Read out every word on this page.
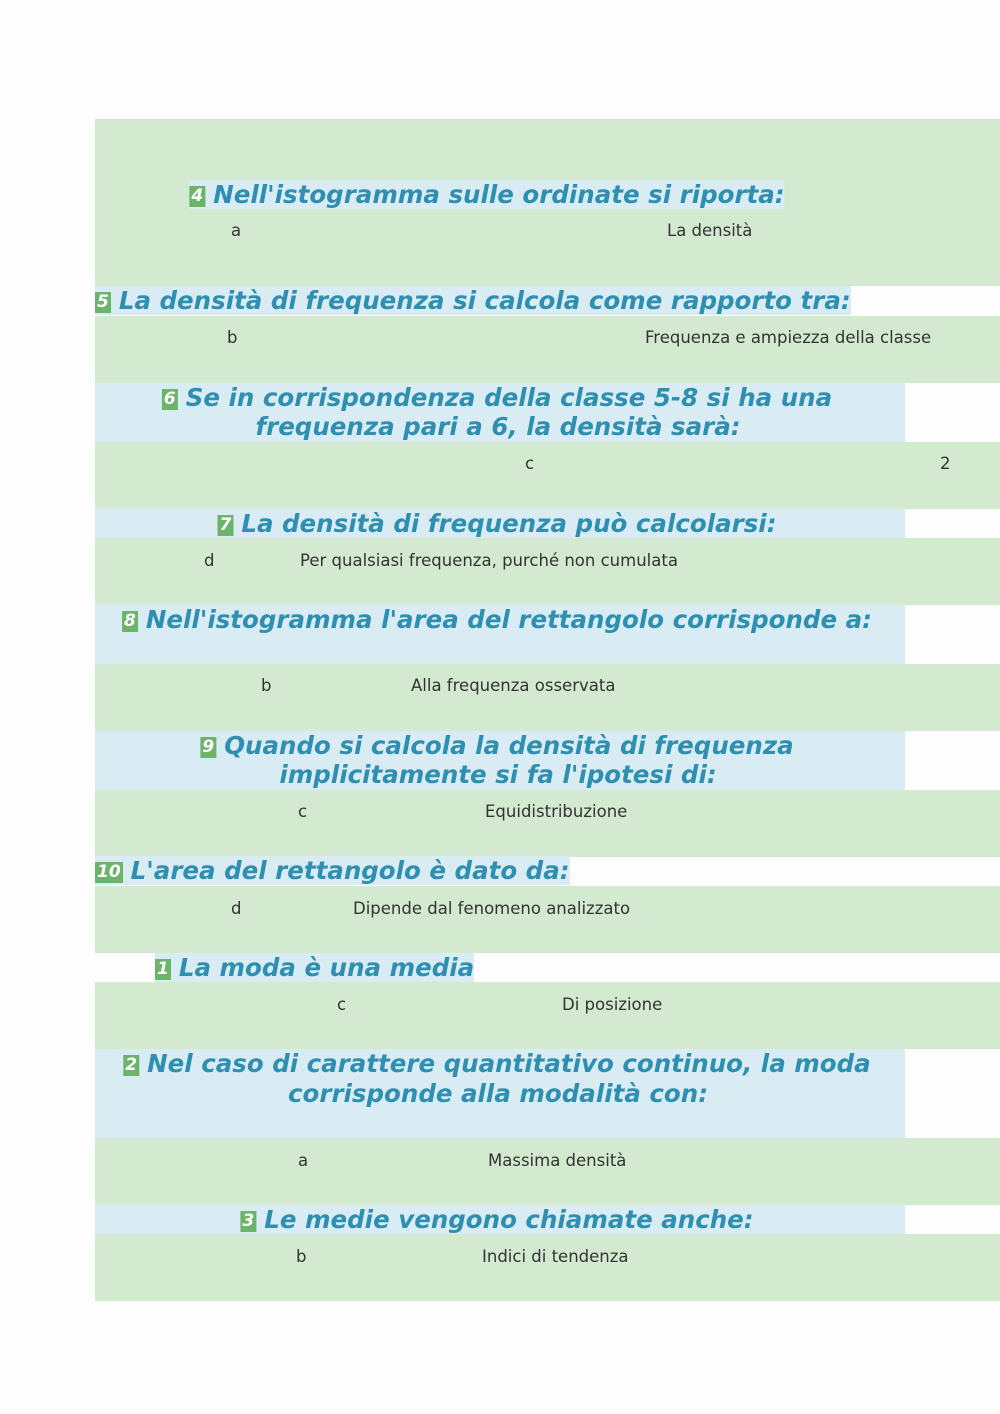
4 Nell'istogramma sulle ordinate si riporta:
a	La densità
5 La densità di frequenza si calcola come rapporto tra:
b	Frequenza e ampiezza della classe
6 Se in corrispondenza della classe 5-8 si ha una
frequenza pari a 6, la densità sarà:
c	2
7 La densità di frequenza può calcolarsi:
d	Per qualsiasi frequenza, purché non cumulata
8 Nell'istogramma l'area del rettangolo corrisponde a:
b	Alla frequenza osservata
9 Quando si calcola la densità di frequenza
implicitamente si fa l'ipotesi di:
c	Equidistribuzione
10 L'area del rettangolo è dato da:
d	Dipende dal fenomeno analizzato
1 La moda è una media
c	Di posizione
2 Nel caso di carattere quantitativo continuo, la moda
corrisponde alla modalità con:
a	Massima densità
3 Le medie vengono chiamate anche:
b	Indici di tendenza
